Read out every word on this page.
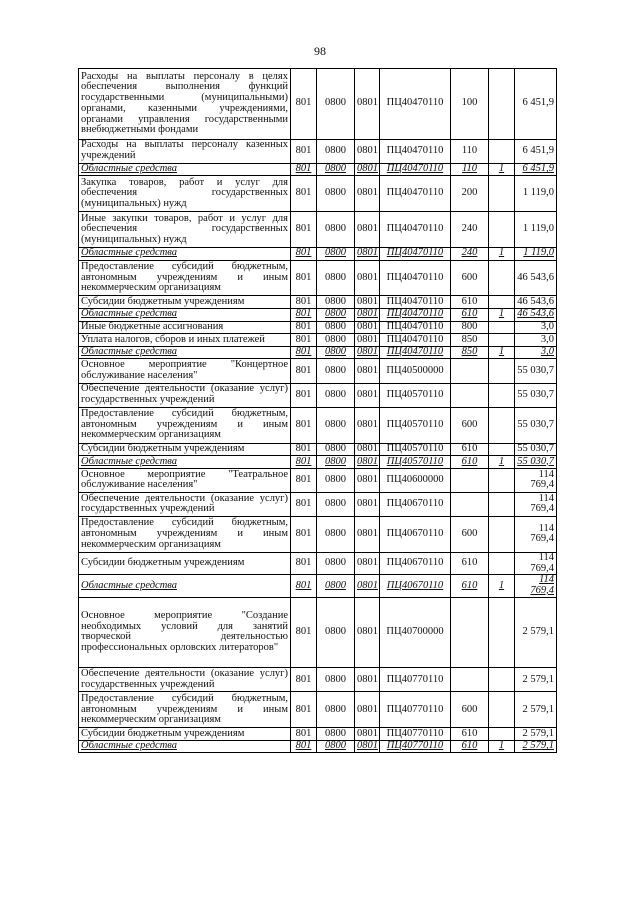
98
Расходы на выплаты персоналу в целях обеспечения выполнения функций государственными (муниципальными) органами, казенными учреждениями, органами управления государственными внебюджетными фондами	801	0800	0801	ПЦ40470110	100		6 451,9
Расходы на выплаты персоналу казенных учреждений	801	0800	0801	ПЦ40470110	110		6 451,9
Областные средства	801	0800	0801	ПЦ40470110	110	1	6 451,9
Закупка товаров, работ и услуг для обеспечения государственных (муниципальных) нужд	801	0800	0801	ПЦ40470110	200		1 119,0
Иные закупки товаров, работ и услуг для обеспечения государственных (муниципальных) нужд	801	0800	0801	ПЦ40470110	240		1 119,0
Областные средства	801	0800	0801	ПЦ40470110	240	1	1 119,0
Предоставление субсидий бюджетным, автономным учреждениям и иным некоммерческим организациям	801	0800	0801	ПЦ40470110	600		46 543,6
Субсидии бюджетным учреждениям	801	0800	0801	ПЦ40470110	610		46 543,6
Областные средства	801	0800	0801	ПЦ40470110	610	1	46 543,6
Иные бюджетные ассигнования	801	0800	0801	ПЦ40470110	800		3,0
Уплата налогов, сборов и иных платежей	801	0800	0801	ПЦ40470110	850		3,0
Областные средства	801	0800	0801	ПЦ40470110	850	1	3,0
Основное мероприятие "Концертное обслуживание населения"	801	0800	0801	ПЦ40500000			55 030,7
Обеспечение деятельности (оказание услуг) государственных учреждений	801	0800	0801	ПЦ40570110			55 030,7
Предоставление субсидий бюджетным, автономным учреждениям и иным некоммерческим организациям	801	0800	0801	ПЦ40570110	600		55 030,7
Субсидии бюджетным учреждениям	801	0800	0801	ПЦ40570110	610		55 030,7
Областные средства	801	0800	0801	ПЦ40570110	610	1	55 030,7
Основное мероприятие "Театральное обслуживание населения"	801	0800	0801	ПЦ40600000			114 769,4
Обеспечение деятельности (оказание услуг) государственных учреждений	801	0800	0801	ПЦ40670110			114 769,4
Предоставление субсидий бюджетным, автономным учреждениям и иным некоммерческим организациям	801	0800	0801	ПЦ40670110	600		114 769,4
Субсидии бюджетным учреждениям	801	0800	0801	ПЦ40670110	610		114 769,4
Областные средства	801	0800	0801	ПЦ40670110	610	1	114 769,4
Основное мероприятие "Создание необходимых условий для занятий творческой деятельностью профессиональных орловских литераторов"	801	0800	0801	ПЦ40700000			2 579,1
Обеспечение деятельности (оказание услуг) государственных учреждений	801	0800	0801	ПЦ40770110			2 579,1
Предоставление субсидий бюджетным, автономным учреждениям и иным некоммерческим организациям	801	0800	0801	ПЦ40770110	600		2 579,1
Субсидии бюджетным учреждениям	801	0800	0801	ПЦ40770110	610		2 579,1
Областные средства	801	0800	0801	ПЦ40770110	610	1	2 579,1
